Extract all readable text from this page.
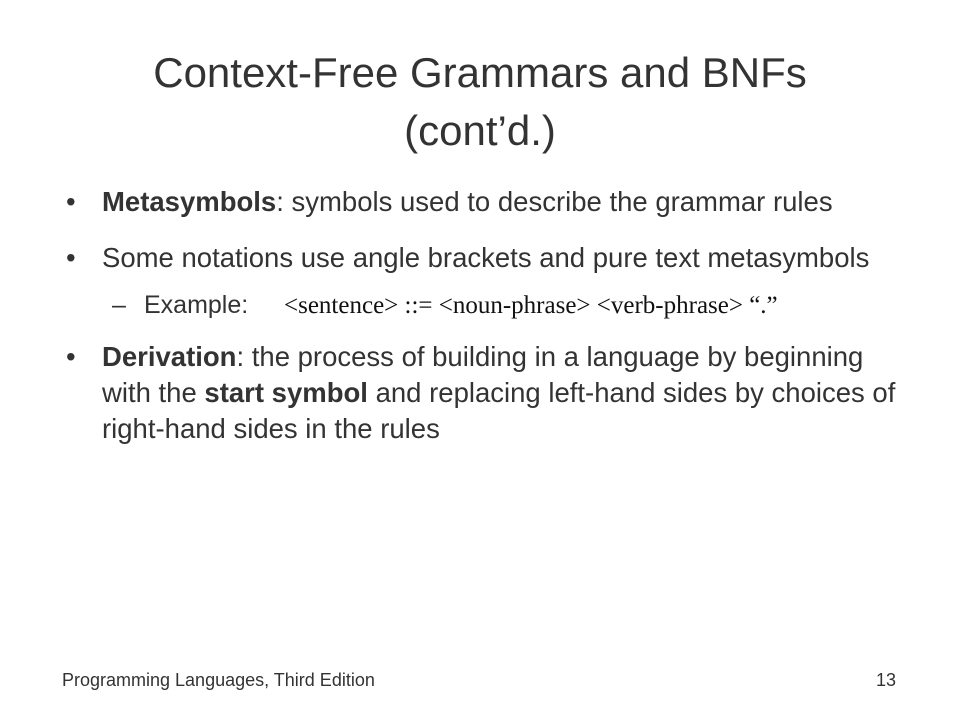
Context-Free Grammars and BNFs
(cont’d.)
• Metasymbols: symbols used to describe the grammar rules
• Some notations use angle brackets and pure text metasymbols
– Example: <sentence> ::= <noun-phrase> <verb-phrase> “.”
• Derivation: the process of building in a language by beginning with the start symbol and replacing left-hand sides by choices of right-hand sides in the rules
Programming Languages, Third Edition	13
